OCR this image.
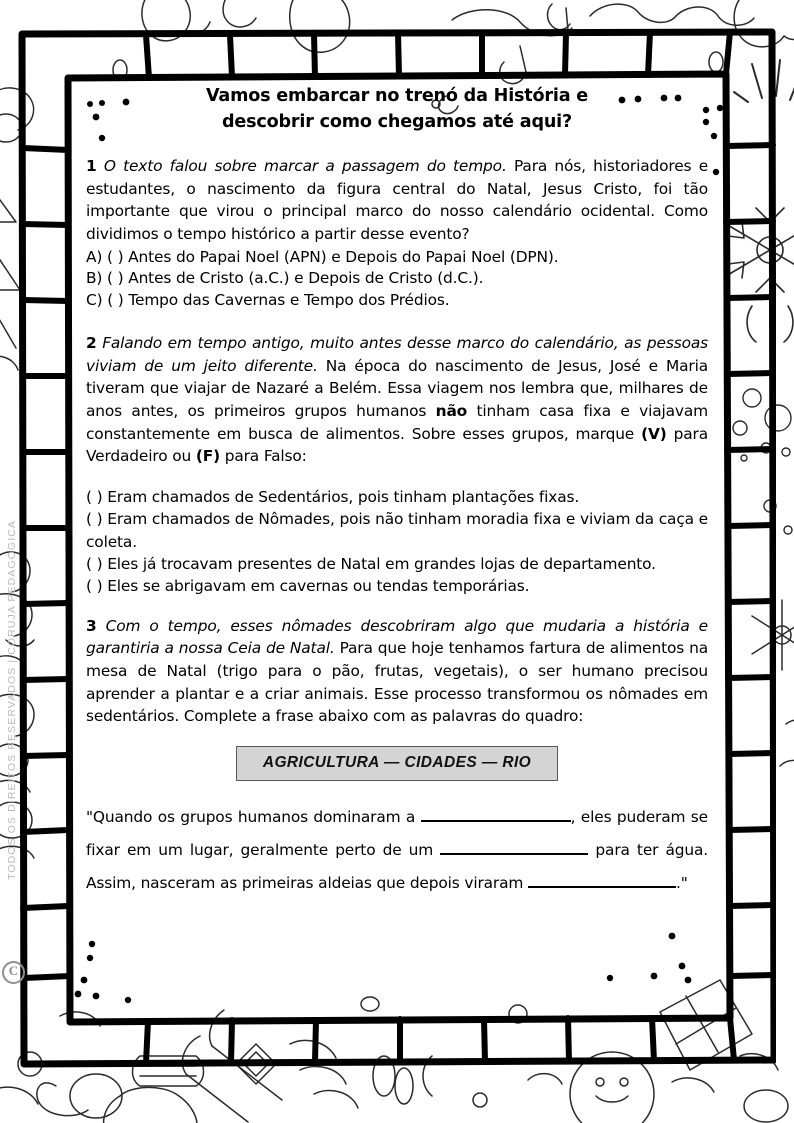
TODOS OS DIREITOS RESERVADOS | CORUJA PEDAGÓGICA
C
Vamos embarcar no trenó da História e
descobrir como chegamos até aqui?
1 O texto falou sobre marcar a passagem do tempo. Para nós, historiadores e estudantes, o nascimento da figura central do Natal, Jesus Cristo, foi tão importante que virou o principal marco do nosso calendário ocidental. Como dividimos o tempo histórico a partir desse evento?
A) ( ) Antes do Papai Noel (APN) e Depois do Papai Noel (DPN).
B) ( ) Antes de Cristo (a.C.) e Depois de Cristo (d.C.).
C) ( ) Tempo das Cavernas e Tempo dos Prédios.
2 Falando em tempo antigo, muito antes desse marco do calendário, as pessoas viviam de um jeito diferente. Na época do nascimento de Jesus, José e Maria tiveram que viajar de Nazaré a Belém. Essa viagem nos lembra que, milhares de anos antes, os primeiros grupos humanos não tinham casa fixa e viajavam constantemente em busca de alimentos. Sobre esses grupos, marque (V) para Verdadeiro ou (F) para Falso:

( ) Eram chamados de Sedentários, pois tinham plantações fixas.

( ) Eram chamados de Nômades, pois não tinham moradia fixa e viviam da caça e coleta.

( ) Eles já trocavam presentes de Natal em grandes lojas de departamento.

( ) Eles se abrigavam em cavernas ou tendas temporárias.

3 Com o tempo, esses nômades descobriram algo que mudaria a história e garantiria a nossa Ceia de Natal. Para que hoje tenhamos fartura de alimentos na mesa de Natal (trigo para o pão, frutas, vegetais), o ser humano precisou aprender a plantar e a criar animais. Esse processo transformou os nômades em sedentários. Complete a frase abaixo com as palavras do quadro:
AGRICULTURA — CIDADES — RIO
"Quando os grupos humanos dominaram a	, eles puderam se fixar em um lugar, geralmente perto de um	para ter água. Assim, nasceram as primeiras aldeias que depois viraram	."
